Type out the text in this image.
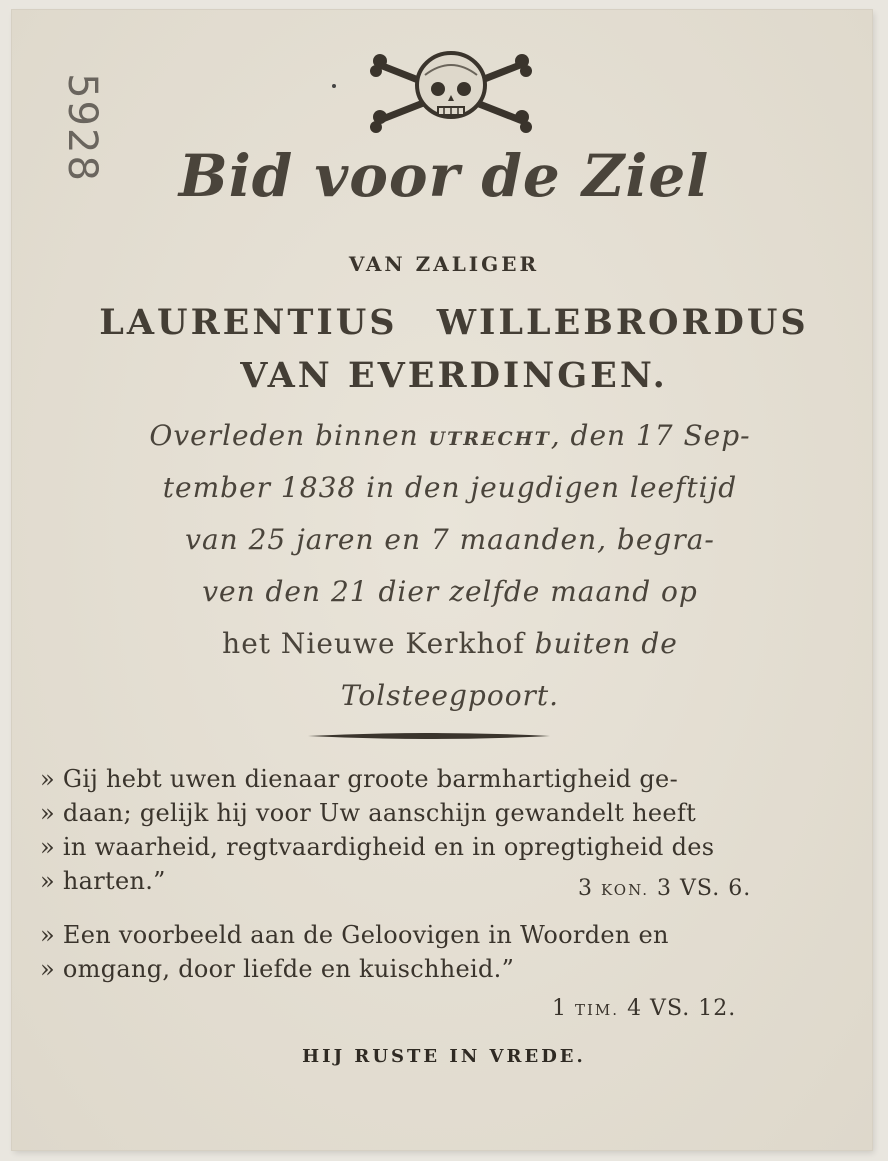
5928	Bid voor de Ziel
VAN ZALIGER
LAURENTIUS WILLEBRORDUS
VAN EVERDINGEN.
Overleden binnen UTRECHT, den 17 Sep-
tember 1838 in den jeugdigen leeftijd
van 25 jaren en 7 maanden, begra-
ven den 21 dier zelfde maand op
het Nieuwe Kerkhof buiten de
Tolsteegpoort.
» Gij hebt uwen dienaar groote barmhartigheid ge-
» daan; gelijk hij voor Uw aanschijn gewandelt heeft
» in waarheid, regtvaardigheid en in opregtigheid des
» harten.”	3 KON. 3 VS. 6.
» Een voorbeeld aan de Geloovigen in Woorden en
» omgang, door liefde en kuischheid.”
1 TIM. 4 VS. 12.
HIJ RUSTE IN VREDE.
